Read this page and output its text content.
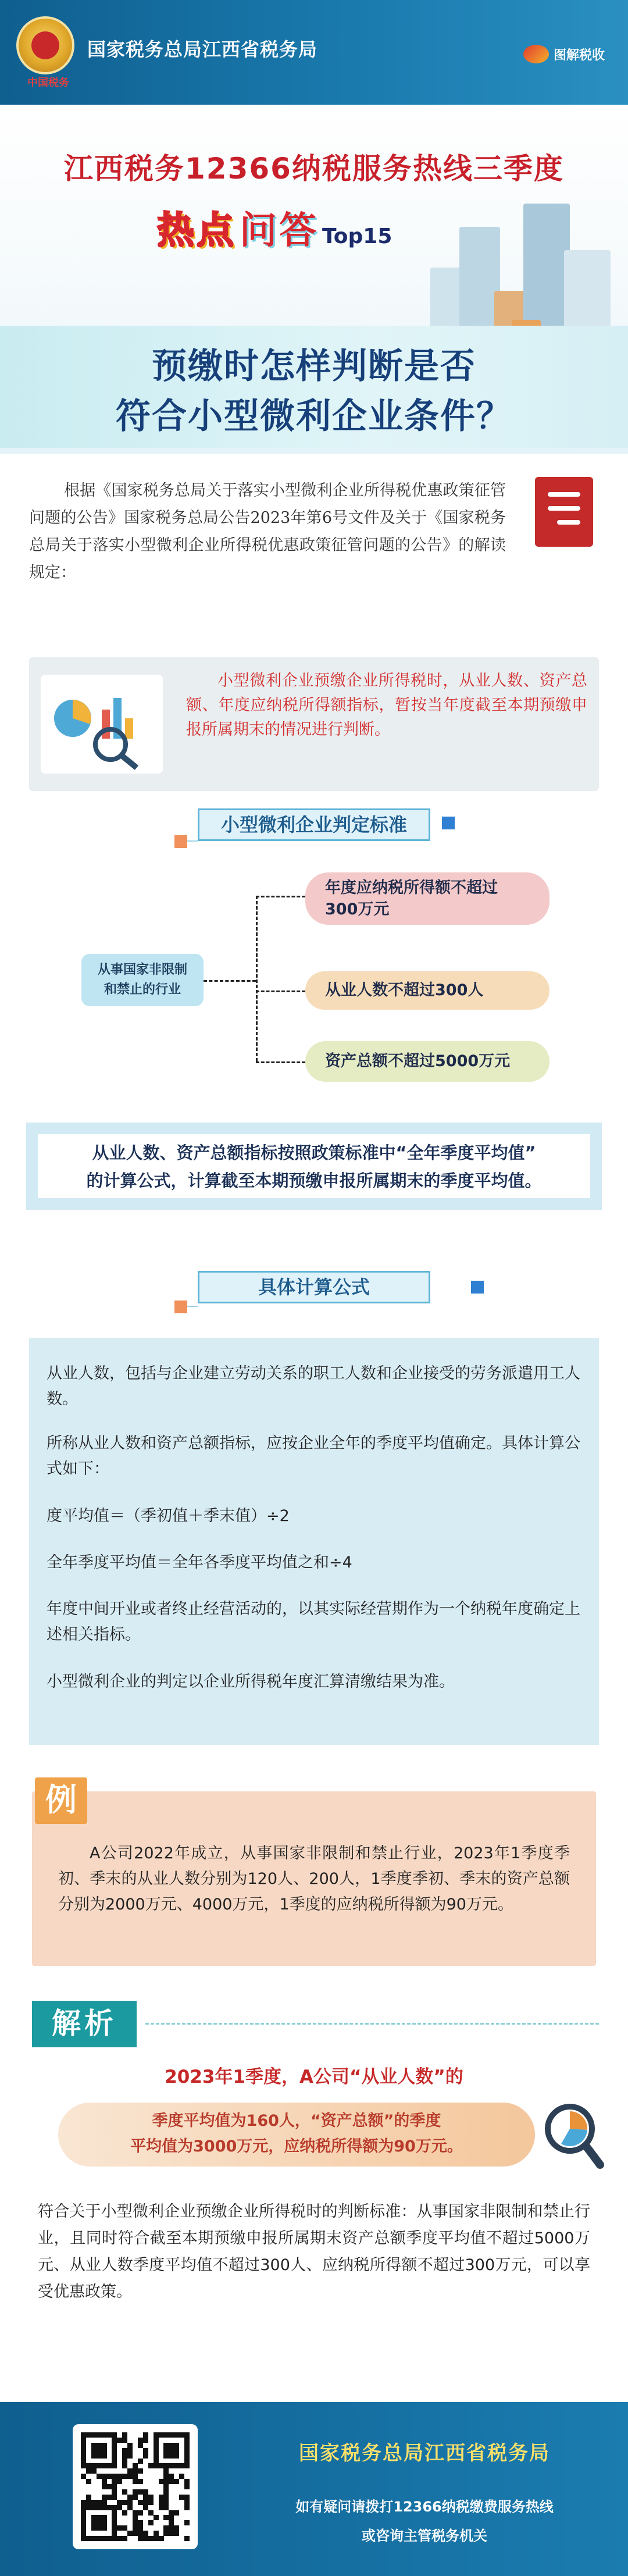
中国税务
国家税务总局江西省税务局	图解税收
江西税务12366纳税服务热线三季度
热点 问答 Top15
预缴时怎样判断是否
符合小型微利企业条件？
根据《国家税务总局关于落实小型微利企业所得税优惠政策征管问题的公告》国家税务总局公告2023年第6号文件及关于《国家税务总局关于落实小型微利企业所得税优惠政策征管问题的公告》的解读规定：
小型微利企业预缴企业所得税时，从业人数、资产总额、年度应纳税所得额指标，暂按当年度截至本期预缴申报所属期末的情况进行判断。
小型微利企业判定标准
从事国家非限制
和禁止的行业
年度应纳税所得额不超过
300万元
从业人数不超过300人
资产总额不超过5000万元
从业人数、资产总额指标按照政策标准中“全年季度平均值”
的计算公式，计算截至本期预缴申报所属期末的季度平均值。
具体计算公式
从业人数，包括与企业建立劳动关系的职工人数和企业接受的劳务派遣用工人数。
所称从业人数和资产总额指标，应按企业全年的季度平均值确定。具体计算公式如下：
度平均值＝（季初值＋季末值）÷2
全年季度平均值＝全年各季度平均值之和÷4
年度中间开业或者终止经营活动的，以其实际经营期作为一个纳税年度确定上述相关指标。
小型微利企业的判定以企业所得税年度汇算清缴结果为准。
A公司2022年成立，从事国家非限制和禁止行业，2023年1季度季初、季末的从业人数分别为120人、200人，1季度季初、季末的资产总额分别为2000万元、4000万元，1季度的应纳税所得额为90万元。
例
解析
2023年1季度，A公司“从业人数”的
季度平均值为160人，“资产总额”的季度
平均值为3000万元，应纳税所得额为90万元。
符合关于小型微利企业预缴企业所得税时的判断标准：从事国家非限制和禁止行业，且同时符合截至本期预缴申报所属期末资产总额季度平均值不超过5000万元、从业人数季度平均值不超过300人、应纳税所得额不超过300万元，可以享受优惠政策。
国家税务总局江西省税务局
如有疑问请拨打12366纳税缴费服务热线
或咨询主管税务机关
